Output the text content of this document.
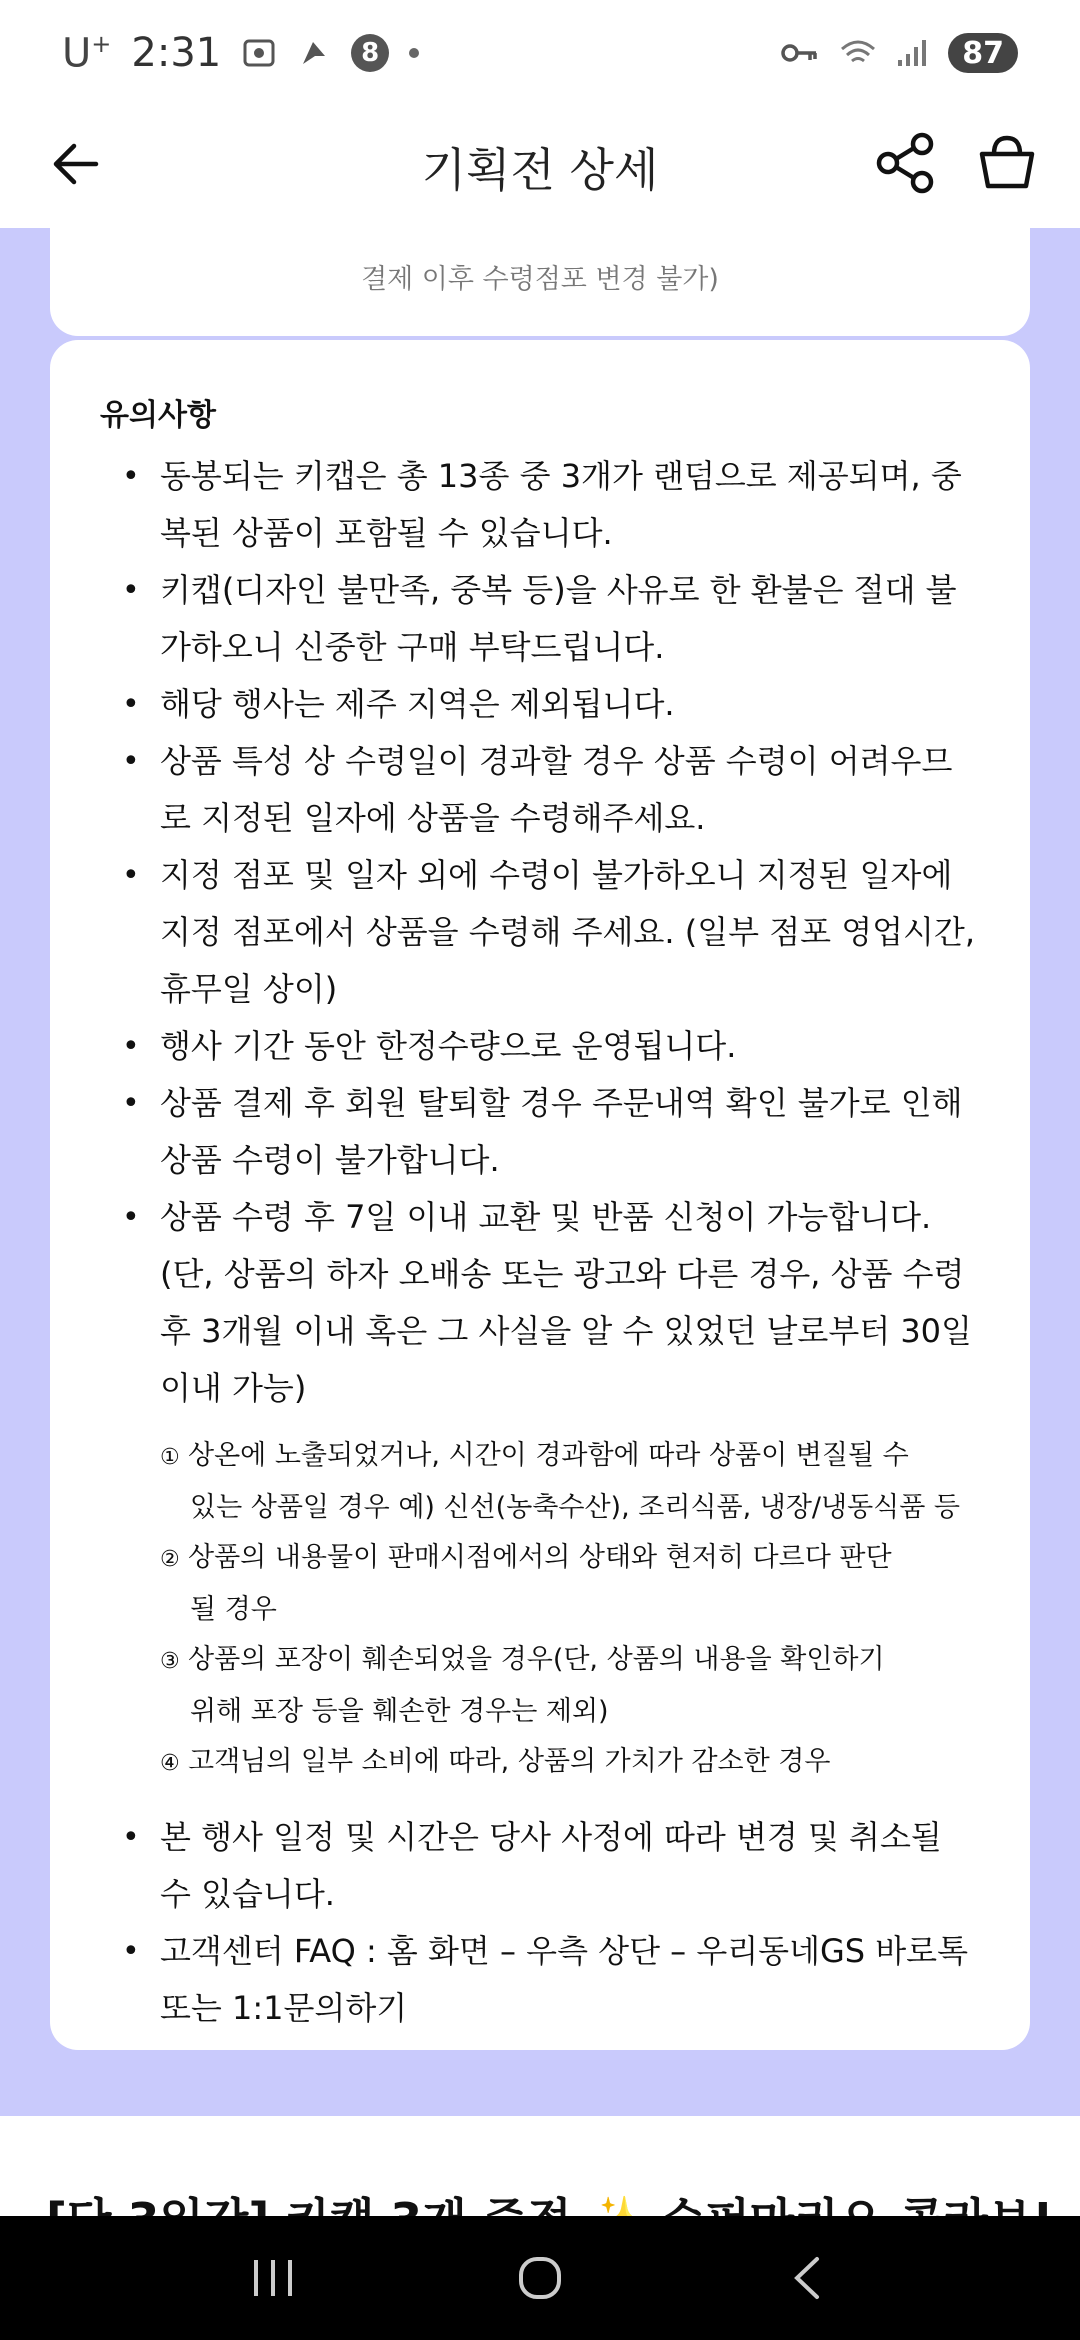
U+ 2:31	8	87
기획전 상세
결제 이후 수령점포 변경 불가)
유의사항
• 동봉되는 키캡은 총 13종 중 3개가 랜덤으로 제공되며, 중복된 상품이 포함될 수 있습니다.
• 키캡(디자인 불만족, 중복 등)을 사유로 한 환불은 절대 불가하오니 신중한 구매 부탁드립니다.
• 해당 행사는 제주 지역은 제외됩니다.
• 상품 특성 상 수령일이 경과할 경우 상품 수령이 어려우므로 지정된 일자에 상품을 수령해주세요.
• 지정 점포 및 일자 외에 수령이 불가하오니 지정된 일자에 지정 점포에서 상품을 수령해 주세요. (일부 점포 영업시간, 휴무일 상이)
• 행사 기간 동안 한정수량으로 운영됩니다.
• 상품 결제 후 회원 탈퇴할 경우 주문내역 확인 불가로 인해 상품 수령이 불가합니다.
• 상품 수령 후 7일 이내 교환 및 반품 신청이 가능합니다. (단, 상품의 하자 오배송 또는 광고와 다른 경우, 상품 수령 후 3개월 이내 혹은 그 사실을 알 수 있었던 날로부터 30일 이내 가능)
① 상온에 노출되었거나, 시간이 경과함에 따라 상품이 변질될 수
있는 상품일 경우 예) 신선(농축수산), 조리식품, 냉장/냉동식품 등
② 상품의 내용물이 판매시점에서의 상태와 현저히 다르다 판단
될 경우
③ 상품의 포장이 훼손되었을 경우(단, 상품의 내용을 확인하기
위해 포장 등을 훼손한 경우는 제외)
④ 고객님의 일부 소비에 따라, 상품의 가치가 감소한 경우
• 본 행사 일정 및 시간은 당사 사정에 따라 변경 및 취소될 수 있습니다.
• 고객센터 FAQ : 홈 화면 – 우측 상단 – 우리동네GS 바로톡 또는 1:1문의하기
